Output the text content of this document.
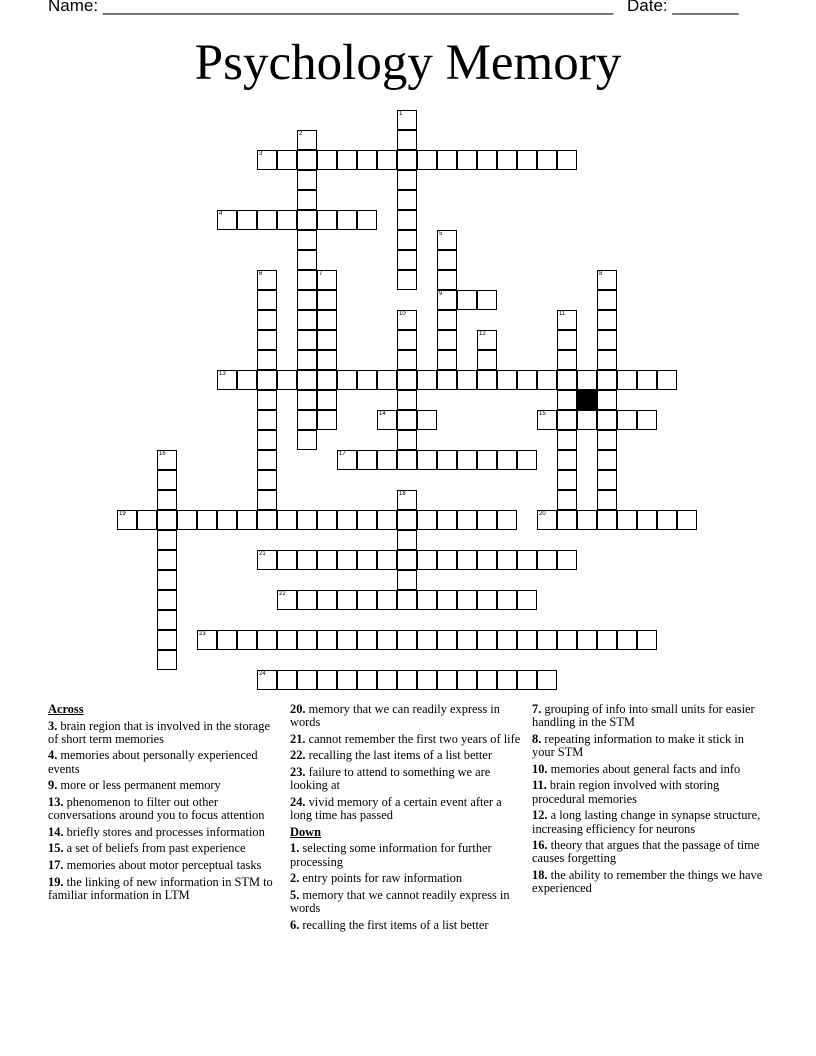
Name: ______________________________________________________ Date: _______
Psychology Memory
1
2
3
4
5
9
6	7	8
10	11
12
13
14	15
16	17
18
19	20
21
22
23
24
Across
3. brain region that is involved in the storage of short term memories
4. memories about personally experienced events
9. more or less permanent memory
13. phenomenon to filter out other conversations around you to focus attention
14. briefly stores and processes information
15. a set of beliefs from past experience
17. memories about motor perceptual tasks
19. the linking of new information in STM to familiar information in LTM
20. memory that we can readily express in words
21. cannot remember the first two years of life
22. recalling the last items of a list better
23. failure to attend to something we are looking at
24. vivid memory of a certain event after a long time has passed
Down
1. selecting some information for further processing
2. entry points for raw information
5. memory that we cannot readily express in words
6. recalling the first items of a list better
7. grouping of info into small units for easier handling in the STM
8. repeating information to make it stick in your STM
10. memories about general facts and info
11. brain region involved with storing procedural memories
12. a long lasting change in synapse structure, increasing efficiency for neurons
16. theory that argues that the passage of time causes forgetting
18. the ability to remember the things we have experienced
